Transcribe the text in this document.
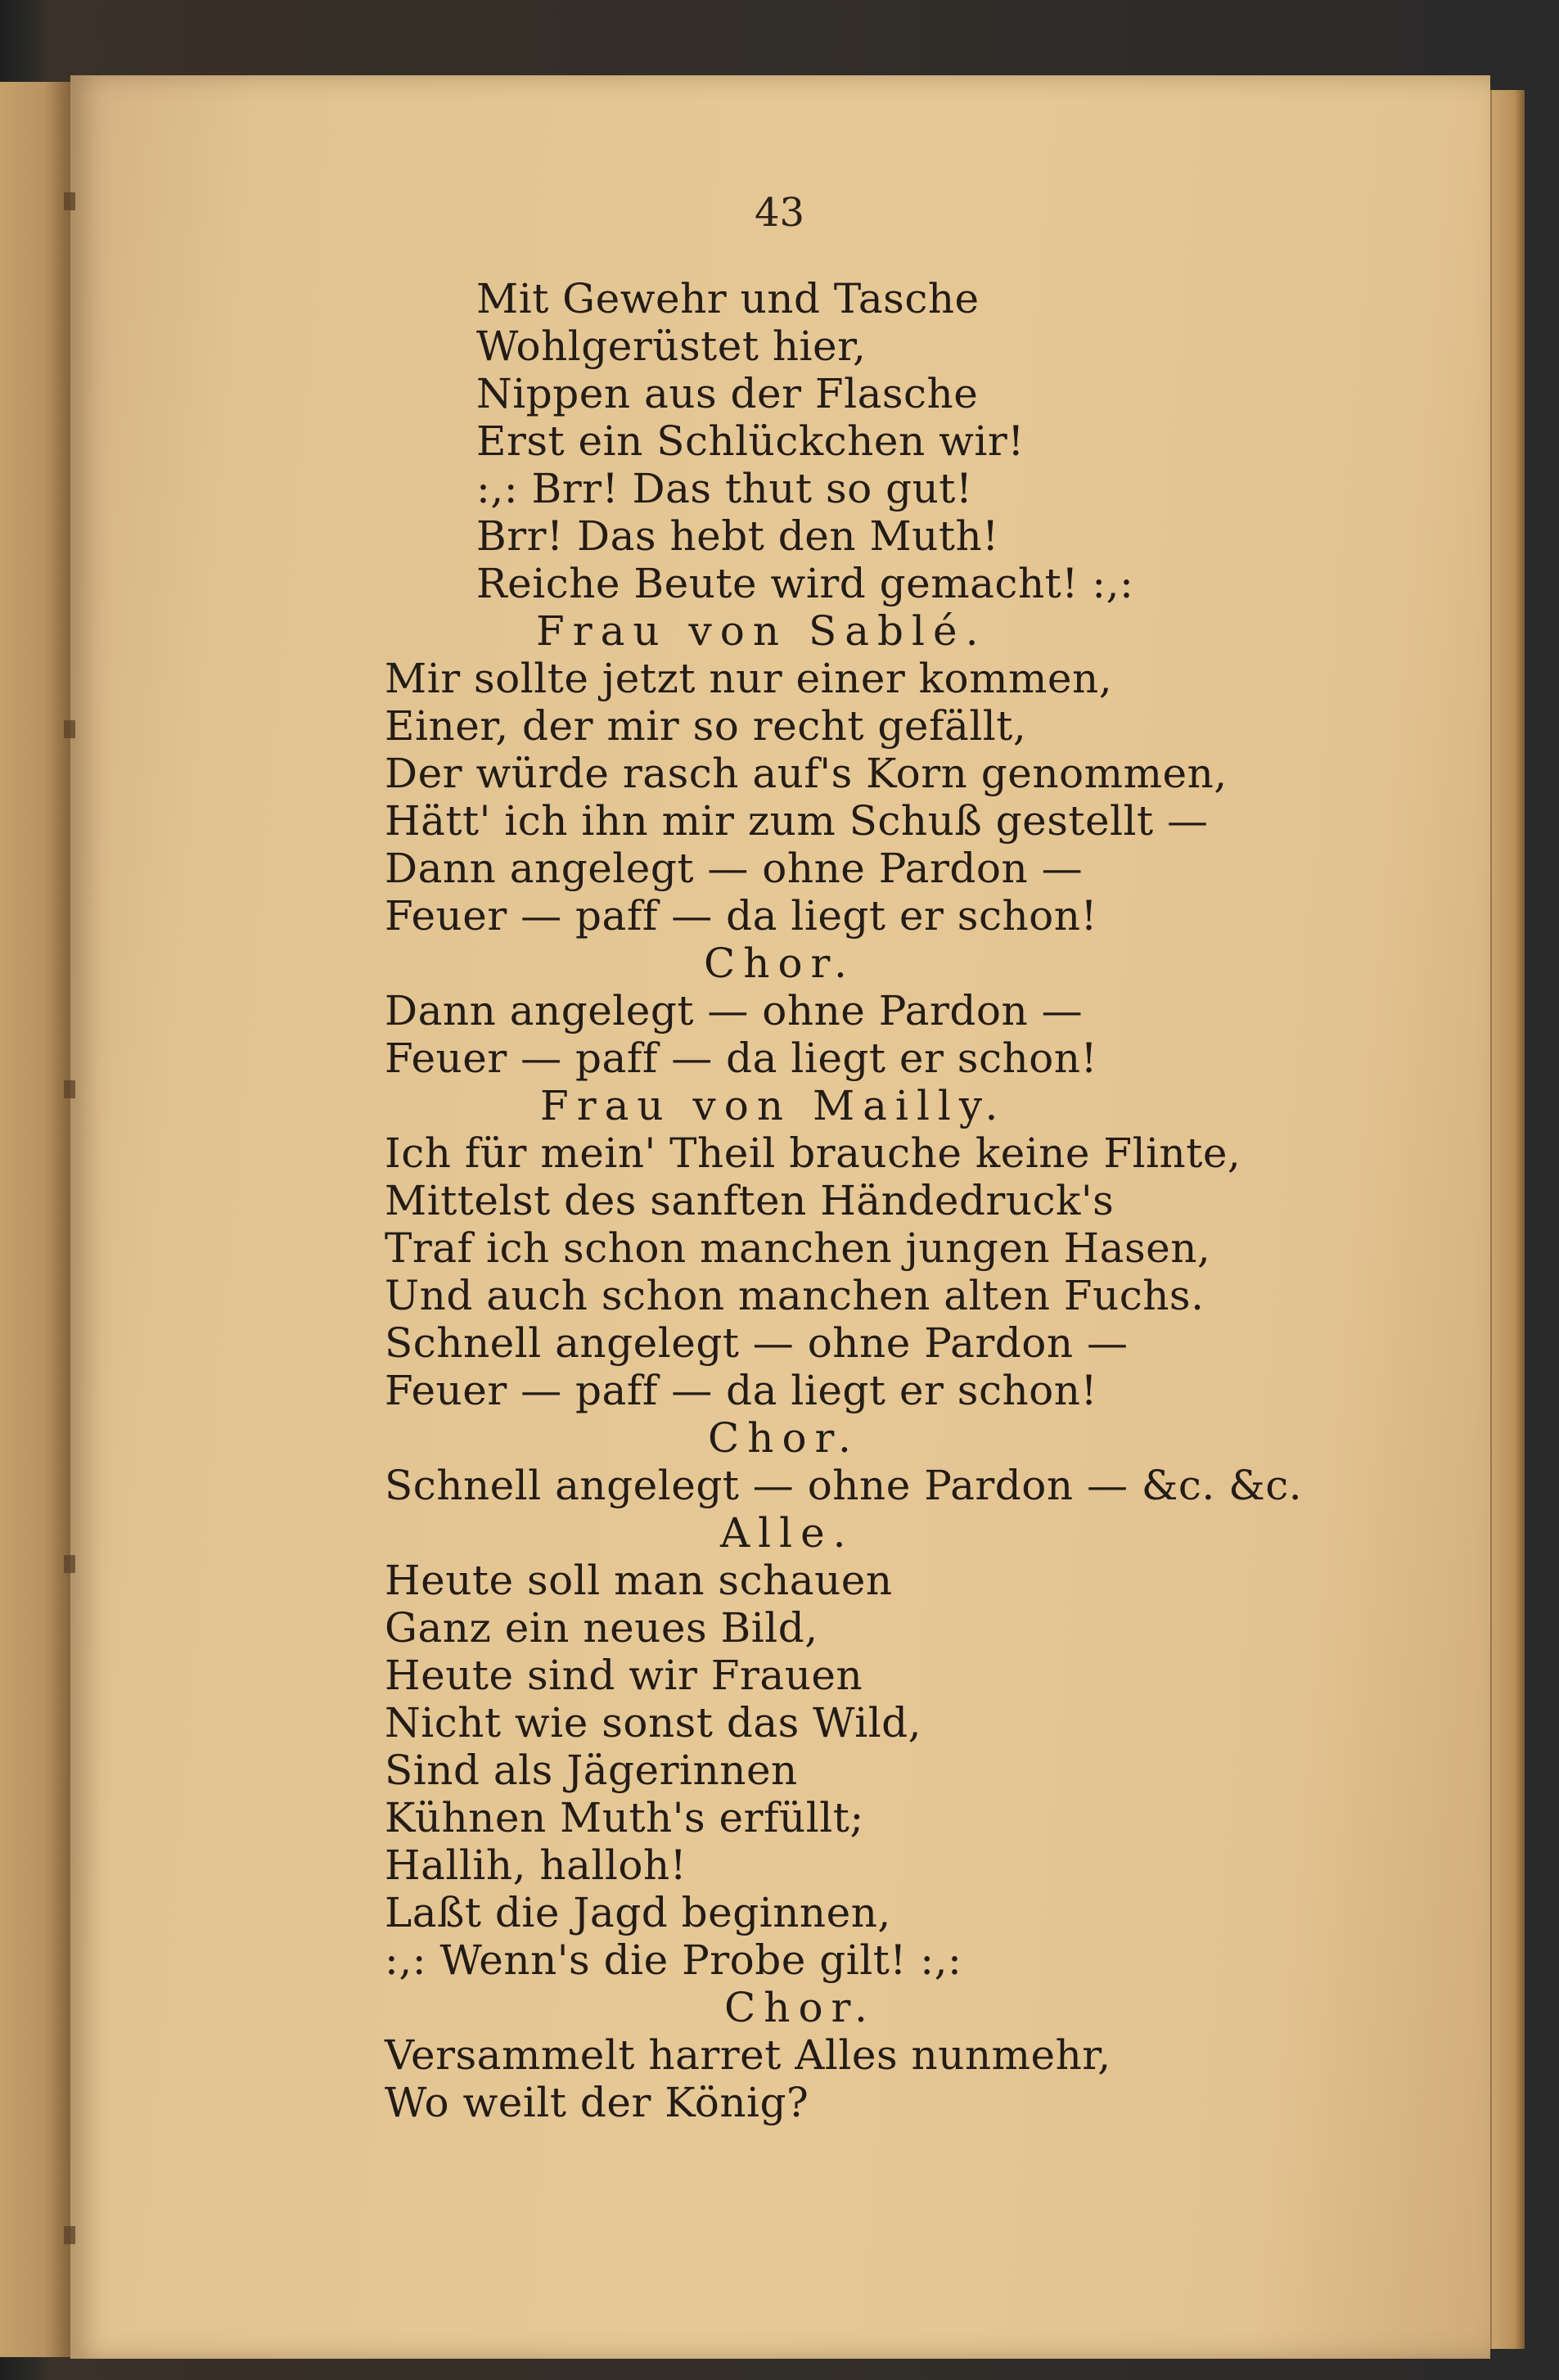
43
Mit Gewehr und Tasche
Wohlgerüstet hier,
Nippen aus der Flasche
Erst ein Schlückchen wir!
:,: Brr! Das thut so gut!
Brr! Das hebt den Muth!
Reiche Beute wird gemacht! :,:
Frau von Sablé.
Mir sollte jetzt nur einer kommen,
Einer, der mir so recht gefällt,
Der würde rasch auf's Korn genommen,
Hätt' ich ihn mir zum Schuß gestellt —
Dann angelegt — ohne Pardon —
Feuer — paff — da liegt er schon!
Chor.
Dann angelegt — ohne Pardon —
Feuer — paff — da liegt er schon!
Frau von Mailly.
Ich für mein' Theil brauche keine Flinte,
Mittelst des sanften Händedruck's
Traf ich schon manchen jungen Hasen,
Und auch schon manchen alten Fuchs.
Schnell angelegt — ohne Pardon —
Feuer — paff — da liegt er schon!
Chor.
Schnell angelegt — ohne Pardon — &c. &c.
Alle.
Heute soll man schauen
Ganz ein neues Bild,
Heute sind wir Frauen
Nicht wie sonst das Wild,
Sind als Jägerinnen
Kühnen Muth's erfüllt;
Hallih, halloh!
Laßt die Jagd beginnen,
:,: Wenn's die Probe gilt! :,:
Chor.
Versammelt harret Alles nunmehr,
Wo weilt der König?
